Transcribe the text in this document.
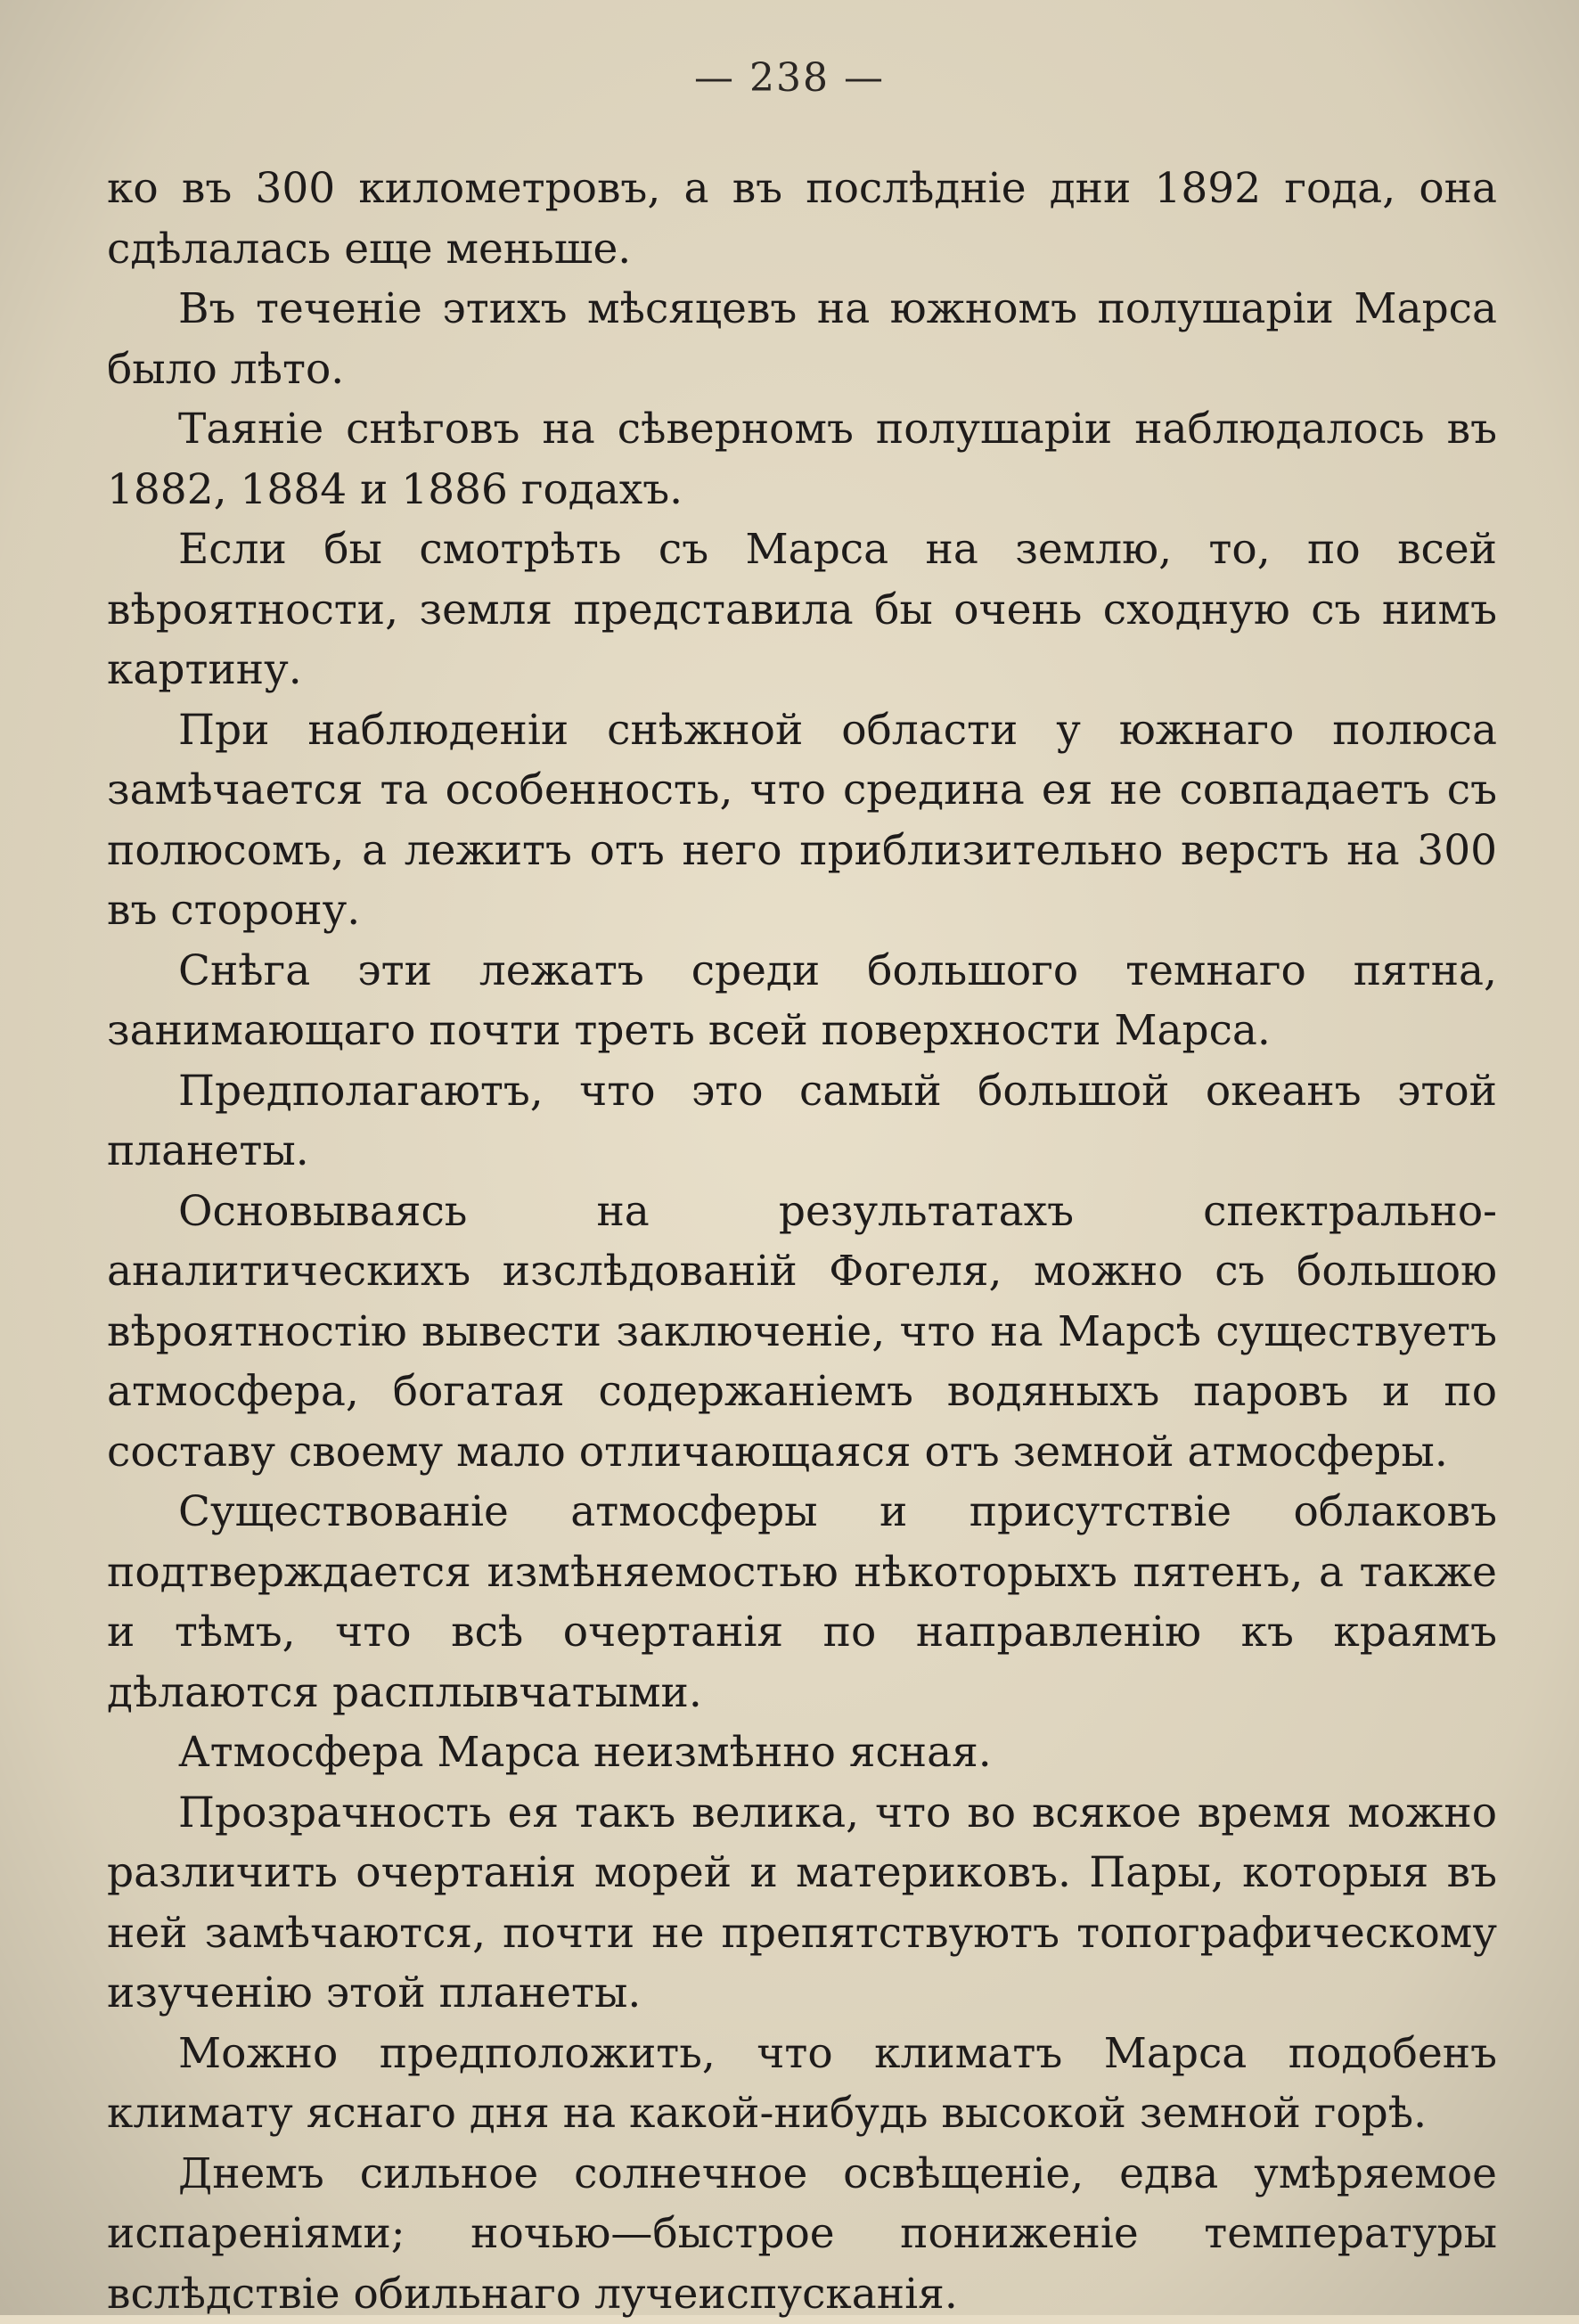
— 238 —

ко въ 300 километровъ, а въ послѣдніе дни 1892 года, она сдѣлалась еще меньше.

Въ теченіе этихъ мѣсяцевъ на южномъ полушаріи Марса было лѣто.

Таяніе снѣговъ на сѣверномъ полушаріи наблюдалось въ 1882, 1884 и 1886 годахъ.

Если бы смотрѣть съ Марса на землю, то, по всей вѣроятности, земля представила бы очень сходную съ нимъ картину.

При наблюденіи снѣжной области у южнаго полюса замѣчается та особенность, что средина ея не совпадаетъ съ полюсомъ, а лежитъ отъ него приблизительно верстъ на 300 въ сторону.

Снѣга эти лежатъ среди большого темнаго пятна, занимающаго почти треть всей поверхности Марса.

Предполагаютъ, что это самый большой океанъ этой планеты.

Основываясь на результатахъ спектрально-аналитическихъ изслѣдованій Фогеля, можно съ большою вѣроятностію вывести заключеніе, что на Марсѣ существуетъ атмосфера, богатая содержаніемъ водяныхъ паровъ и по составу своему мало отличающаяся отъ земной атмосферы.

Существованіе атмосферы и присутствіе облаковъ подтверждается измѣняемостью нѣкоторыхъ пятенъ, а также и тѣмъ, что всѣ очертанія по направленію къ краямъ дѣлаются расплывчатыми.

Атмосфера Марса неизмѣнно ясная.

Прозрачность ея такъ велика, что во всякое время можно различить очертанія морей и материковъ. Пары, которыя въ ней замѣчаются, почти не препятствуютъ топографическому изученію этой планеты.

Можно предположить, что климатъ Марса подобенъ климату яснаго дня на какой-нибудь высокой земной горѣ.

Днемъ сильное солнечное освѣщеніе, едва умѣряемое испареніями; ночью—быстрое пониженіе температуры вслѣдствіе обильнаго лучеиспусканія.
